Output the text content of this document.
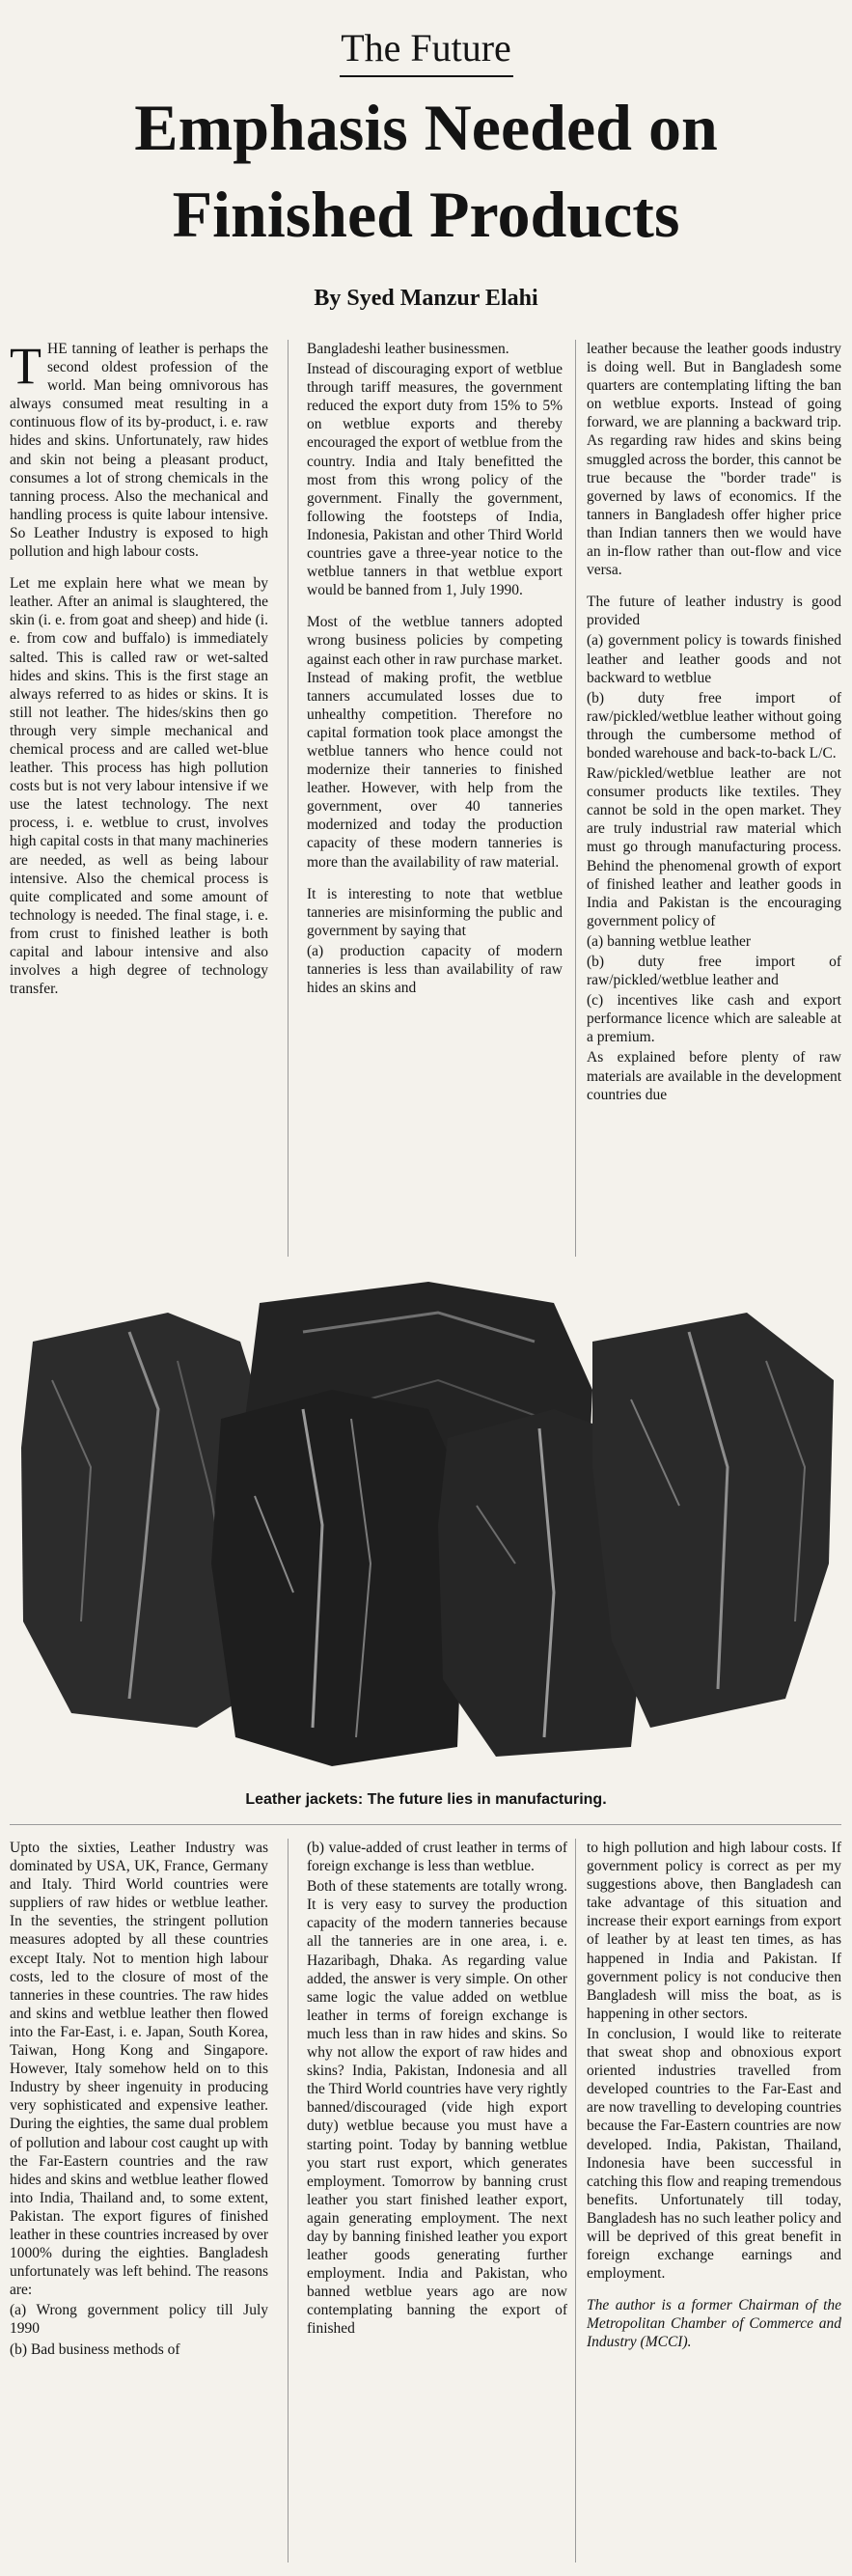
The Future
Emphasis Needed on
Finished Products
By Syed Manzur Elahi

THE tanning of leather is perhaps the second oldest profession of the world. Man being omnivorous has always consumed meat resulting in a continuous flow of its by-product, i. e. raw hides and skins. Unfortunately, raw hides and skin not being a pleasant product, consumes a lot of strong chemicals in the tanning process. Also the mechanical and handling process is quite labour intensive. So Leather Industry is exposed to high pollution and high labour costs.

Let me explain here what we mean by leather. After an animal is slaughtered, the skin (i. e. from goat and sheep) and hide (i. e. from cow and buffalo) is immediately salted. This is called raw or wet-salted hides and skins. This is the first stage an always referred to as hides or skins. It is still not leather. The hides/skins then go through very simple mechanical and chemical process and are called wet-blue leather. This process has high pollution costs but is not very labour intensive if we use the latest technology. The next process, i. e. wetblue to crust, involves high capital costs in that many machineries are needed, as well as being labour intensive. Also the chemical process is quite complicated and some amount of technology is needed. The final stage, i. e. from crust to finished leather is both capital and labour intensive and also involves a high degree of technology transfer.

Bangladeshi leather businessmen.

Instead of discouraging export of wetblue through tariff measures, the government reduced the export duty from 15% to 5% on wetblue exports and thereby encouraged the export of wetblue from the country. India and Italy benefitted the most from this wrong policy of the government. Finally the government, following the footsteps of India, Indonesia, Pakistan and other Third World countries gave a three-year notice to the wetblue tanners in that wetblue export would be banned from 1, July 1990.

Most of the wetblue tanners adopted wrong business policies by competing against each other in raw purchase market. Instead of making profit, the wetblue tanners accumulated losses due to unhealthy competition. Therefore no capital formation took place amongst the wetblue tanners who hence could not modernize their tanneries to finished leather. However, with help from the government, over 40 tanneries modernized and today the production capacity of these modern tanneries is more than the availability of raw material.

It is interesting to note that wetblue tanneries are misinforming the public and government by saying that

(a) production capacity of modern tanneries is less than availability of raw hides an skins and

leather because the leather goods industry is doing well. But in Bangladesh some quarters are contemplating lifting the ban on wetblue exports. Instead of going forward, we are planning a backward trip. As regarding raw hides and skins being smuggled across the border, this cannot be true because the "border trade" is governed by laws of economics. If the tanners in Bangladesh offer higher price than Indian tanners then we would have an in-flow rather than out-flow and vice versa.

The future of leather industry is good provided

(a) government policy is towards finished leather and leather goods and not backward to wetblue

(b) duty free import of raw/pickled/wetblue leather without going through the cumbersome method of bonded warehouse and back-to-back L/C.

Raw/pickled/wetblue leather are not consumer products like textiles. They cannot be sold in the open market. They are truly industrial raw material which must go through manufacturing process. Behind the phenomenal growth of export of finished leather and leather goods in India and Pakistan is the encouraging government policy of

(a) banning wetblue leather

(b) duty free import of raw/pickled/wetblue leather and

(c) incentives like cash and export performance licence which are saleable at a premium.

As explained before plenty of raw materials are available in the development countries due

Leather jackets: The future lies in manufacturing.

Upto the sixties, Leather Industry was dominated by USA, UK, France, Germany and Italy. Third World countries were suppliers of raw hides or wetblue leather. In the seventies, the stringent pollution measures adopted by all these countries except Italy. Not to mention high labour costs, led to the closure of most of the tanneries in these countries. The raw hides and skins and wetblue leather then flowed into the Far-East, i. e. Japan, South Korea, Taiwan, Hong Kong and Singapore. However, Italy somehow held on to this Industry by sheer ingenuity in producing very sophisticated and expensive leather. During the eighties, the same dual problem of pollution and labour cost caught up with the Far-Eastern countries and the raw hides and skins and wetblue leather flowed into India, Thailand and, to some extent, Pakistan. The export figures of finished leather in these countries increased by over 1000% during the eighties. Bangladesh unfortunately was left behind. The reasons are:

(a) Wrong government policy till July 1990

(b) Bad business methods of

(b) value-added of crust leather in terms of foreign exchange is less than wetblue.

Both of these statements are totally wrong. It is very easy to survey the production capacity of the modern tanneries because all the tanneries are in one area, i. e. Hazaribagh, Dhaka. As regarding value added, the answer is very simple. On other same logic the value added on wetblue leather in terms of foreign exchange is much less than in raw hides and skins. So why not allow the export of raw hides and skins? India, Pakistan, Indonesia and all the Third World countries have very rightly banned/discouraged (vide high export duty) wetblue because you must have a starting point. Today by banning wetblue you start rust export, which generates employment. Tomorrow by banning crust leather you start finished leather export, again generating employment. The next day by banning finished leather you export leather goods generating further employment. India and Pakistan, who banned wetblue years ago are now contemplating banning the export of finished

to high pollution and high labour costs. If government policy is correct as per my suggestions above, then Bangladesh can take advantage of this situation and increase their export earnings from export of leather by at least ten times, as has happened in India and Pakistan. If government policy is not conducive then Bangladesh will miss the boat, as is happening in other sectors.

In conclusion, I would like to reiterate that sweat shop and obnoxious export oriented industries travelled from developed countries to the Far-East and are now travelling to developing countries because the Far-Eastern countries are now developed. India, Pakistan, Thailand, Indonesia have been successful in catching this flow and reaping tremendous benefits. Unfortunately till today, Bangladesh has no such leather policy and will be deprived of this great benefit in foreign exchange earnings and employment.

The author is a former Chairman of the Metropolitan Chamber of Commerce and Industry (MCCI).
